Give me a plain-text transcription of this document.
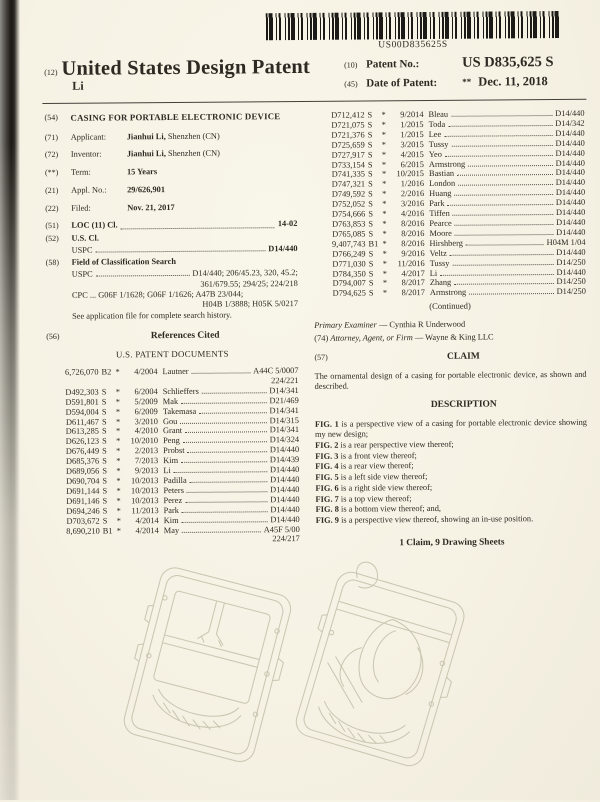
US00D835625S
(12) United States Design Patent
Li
(10) Patent No.:	US D835,625 S
(45) Date of Patent:	** Dec. 11, 2018
(54)	CASING FOR PORTABLE ELECTRONIC DEVICE
(71)	Applicant:	Jianhui Li, Shenzhen (CN)
(72)	Inventor:	Jianhui Li, Shenzhen (CN)
(**)	Term:	15 Years
(21)	Appl. No.:	29/626,901
(22)	Filed:	Nov. 21, 2017
(51)	LOC (11) Cl.	14-02
(52)	U.S. Cl.
USPC	D14/440
(58)	Field of Classification Search
USPC	D14/440; 206/45.23, 320, 45.2;
361/679.55; 294/25; 224/218
CPC ... G06F 1/1628; G06F 1/1626; A47B 23/044;
H04B 1/3888; H05K 5/0217
See application file for complete search history.
(56)	References Cited
U.S. PATENT DOCUMENTS
6,726,070 B2 *	4/2004 Lautner	A44C 5/0007
224/221
D492,303 S	*	6/2004 Schlieffers	D14/341
D591,801 S	*	5/2009 Mak	D21/469
D594,004 S	*	6/2009 Takemasa	D14/341
D611,467 S	*	3/2010 Gou	D14/315
D613,285 S	*	4/2010 Grant	D14/341
D626,123 S	*	10/2010 Peng	D14/324
D676,449 S	*	2/2013 Probst	D14/440
D685,376 S	*	7/2013 Kim	D14/439
D689,056 S	*	9/2013 Li	D14/440
D690,704 S	*	10/2013 Padilla	D14/440
D691,144 S	*	10/2013 Peters	D14/440
D691,146 S	*	10/2013 Perez	D14/440
D694,246 S	*	11/2013 Park	D14/440
D703,672 S	*	4/2014 Kim	D14/440
8,690,210 B1 *	4/2014 May	A45F 5/00
224/217
D712,412 S	*	9/2014 Bleau	D14/440
D721,075 S	*	1/2015 Toda	D14/342
D721,376 S	*	1/2015 Lee	D14/440
D725,659 S	*	3/2015 Tussy	D14/440
D727,917 S	*	4/2015 Yeo	D14/440
D733,154 S	*	6/2015 Armstrong	D14/440
D741,335 S	*	10/2015 Bastian	D14/440
D747,321 S	*	1/2016 London	D14/440
D749,592 S	*	2/2016 Huang	D14/440
D752,052 S	*	3/2016 Park	D14/440
D754,666 S	*	4/2016 Tiffen	D14/440
D763,853 S	*	8/2016 Pearce	D14/440
D765,085 S	*	8/2016 Moore	D14/440
9,407,743 B1 *	8/2016 Hirshberg	H04M 1/04
D766,249 S	*	9/2016 Veltz	D14/440
D771,030 S	*	11/2016 Tussy	D14/250
D784,350 S	*	4/2017 Li	D14/440
D794,007 S	*	8/2017 Zhang	D14/250
D794,625 S	*	8/2017 Armstrong	D14/250
(Continued)
Primary Examiner — Cynthia R Underwood
(74) Attorney, Agent, or Firm — Wayne & King LLC
(57)	CLAIM
The ornamental design of a casing for portable electronic device, as shown and described.
DESCRIPTION
FIG. 1 is a perspective view of a casing for portable electronic device showing my new design;
FIG. 2 is a rear perspective view thereof;
FIG. 3 is a front view thereof;
FIG. 4 is a rear view thereof;
FIG. 5 is a left side view thereof;
FIG. 6 is a right side view thereof;
FIG. 7 is a top view thereof;
FIG. 8 is a bottom view thereof; and,
FIG. 9 is a perspective view thereof, showing an in-use position.
1 Claim, 9 Drawing Sheets
